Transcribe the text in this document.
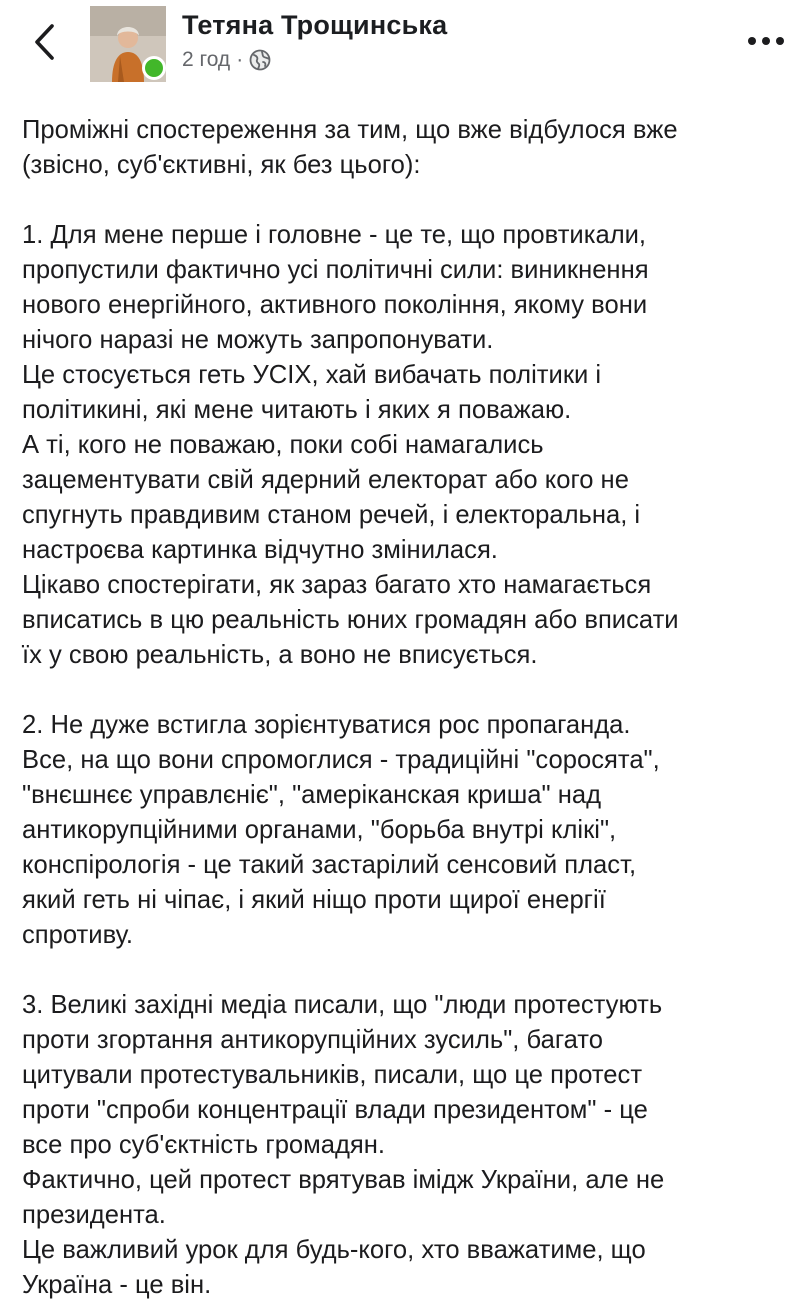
Тетяна Трощинська
2 год ·
Проміжні спостереження за тим, що вже відбулося вже
(звісно, суб'єктивні, як без цього):
1. Для мене перше і головне - це те, що провтикали,
пропустили фактично усі політичні сили: виникнення
нового енергійного, активного покоління, якому вони
нічого наразі не можуть запропонувати.
Це стосується геть УСІХ, хай вибачать політики і
політикині, які мене читають і яких я поважаю.
А ті, кого не поважаю, поки собі намагались
зацементувати свій ядерний електорат або кого не
спугнуть правдивим станом речей, і електоральна, і
настроєва картинка відчутно змінилася.
Цікаво спостерігати, як зараз багато хто намагається
вписатись в цю реальність юних громадян або вписати
їх у свою реальність, а воно не вписується.
2. Не дуже встигла зорієнтуватися рос пропаганда.
Все, на що вони спромоглися - традиційні "соросята",
"внєшнєє управлєніє", "амерiканская криша" над
антикорупційними органами, "борьба внутрі клікі",
конспірологія - це такий застарілий сенсовий пласт,
який геть ні чіпає, і який ніщо проти щирої енергії
спротиву.
3. Великі західні медіа писали, що "люди протестують
проти згортання антикорупційних зусиль", багато
цитували протестувальників, писали, що це протест
проти "спроби концентрації влади президентом" - це
все про суб'єктність громадян.
Фактично, цей протест врятував імідж України, але не
президента.
Це важливий урок для будь-кого, хто вважатиме, що
Україна - це він.
